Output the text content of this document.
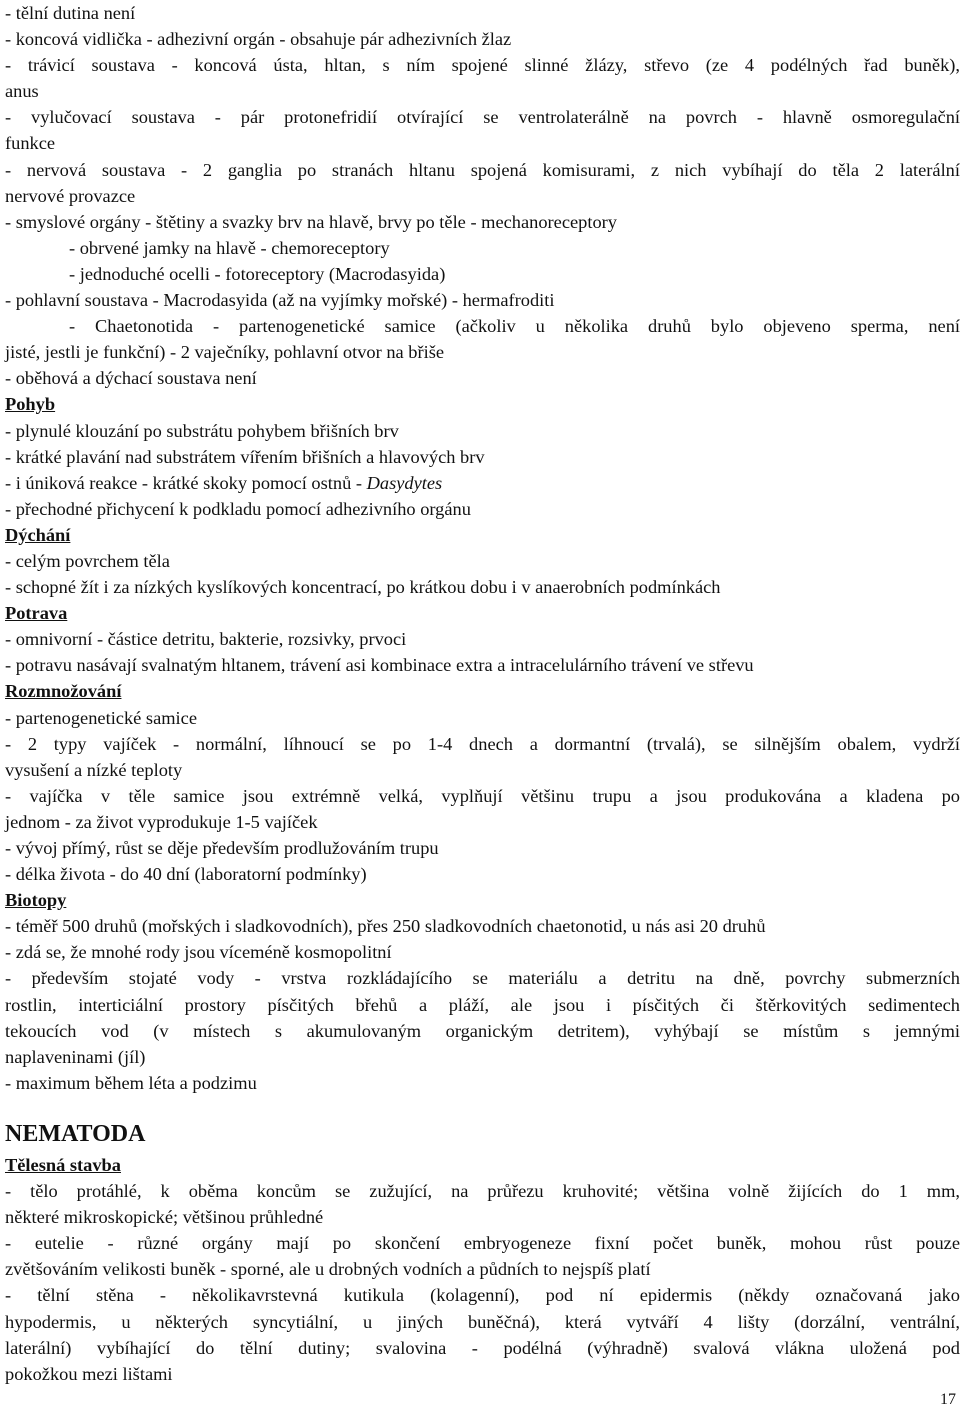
- tělní dutina není
- koncová vidlička - adhezivní orgán - obsahuje pár adhezivních žlaz
- trávicí soustava - koncová ústa, hltan, s ním spojené slinné žlázy, střevo (ze 4 podélných řad buněk),
anus
- vylučovací soustava - pár protonefridií otvírající se ventrolaterálně na povrch - hlavně osmoregulační
funkce
- nervová soustava - 2 ganglia po stranách hltanu spojená komisurami, z nich vybíhají do těla 2 laterální
nervové provazce
- smyslové orgány - štětiny a svazky brv na hlavě, brvy po těle - mechanoreceptory
- obrvené jamky na hlavě - chemoreceptory
- jednoduché ocelli - fotoreceptory (Macrodasyida)
- pohlavní soustava - Macrodasyida (až na vyjímky mořské) - hermafroditi
- Chaetonotida - partenogenetické samice (ačkoliv u několika druhů bylo objeveno sperma, není
jisté, jestli je funkční) - 2 vaječníky, pohlavní otvor na břiše
- oběhová a dýchací soustava není
Pohyb
- plynulé klouzání po substrátu pohybem břišních brv
- krátké plavání nad substrátem vířením břišních a hlavových brv
- i úniková reakce - krátké skoky pomocí ostnů - Dasydytes
- přechodné přichycení k podkladu pomocí adhezivního orgánu
Dýchání
- celým povrchem těla
- schopné žít i za nízkých kyslíkových koncentrací, po krátkou dobu i v anaerobních podmínkách
Potrava
- omnivorní - částice detritu, bakterie, rozsivky, prvoci
- potravu nasávají svalnatým hltanem, trávení asi kombinace extra a intracelulárního trávení ve střevu
Rozmnožování
- partenogenetické samice
- 2 typy vajíček - normální, líhnoucí se po 1-4 dnech a dormantní (trvalá), se silnějším obalem, vydrží
vysušení a nízké teploty
- vajíčka v těle samice jsou extrémně velká, vyplňují většinu trupu a jsou produkována a kladena po
jednom - za život vyprodukuje 1-5 vajíček
- vývoj přímý, růst se děje především prodlužováním trupu
- délka života - do 40 dní (laboratorní podmínky)
Biotopy
- téměř 500 druhů (mořských i sladkovodních), přes 250 sladkovodních chaetonotid, u nás asi 20 druhů
- zdá se, že mnohé rody jsou víceméně kosmopolitní
- především stojaté vody - vrstva rozkládajícího se materiálu a detritu na dně, povrchy submerzních
rostlin, interticiální prostory písčitých břehů a pláží, ale jsou i písčitých či štěrkovitých sedimentech
tekoucích vod (v místech s akumulovaným organickým detritem), vyhýbají se místům s jemnými
naplaveninami (jíl)
- maximum během léta a podzimu
NEMATODA
Tělesná stavba
- tělo protáhlé, k oběma koncům se zužující, na průřezu kruhovité; většina volně žijících do 1 mm,
některé mikroskopické; většinou průhledné
- eutelie - různé orgány mají po skončení embryogeneze fixní počet buněk, mohou růst pouze
zvětšováním velikosti buněk - sporné, ale u drobných vodních a půdních to nejspíš platí
- tělní stěna - několikavrstevná kutikula (kolagenní), pod ní epidermis (někdy označovaná jako
hypodermis, u některých syncytiální, u jiných buněčná), která vytváří 4 lišty (dorzální, ventrální,
laterální) vybíhající do tělní dutiny; svalovina - podélná (výhradně) svalová vlákna uložená pod
pokožkou mezi lištami
17
